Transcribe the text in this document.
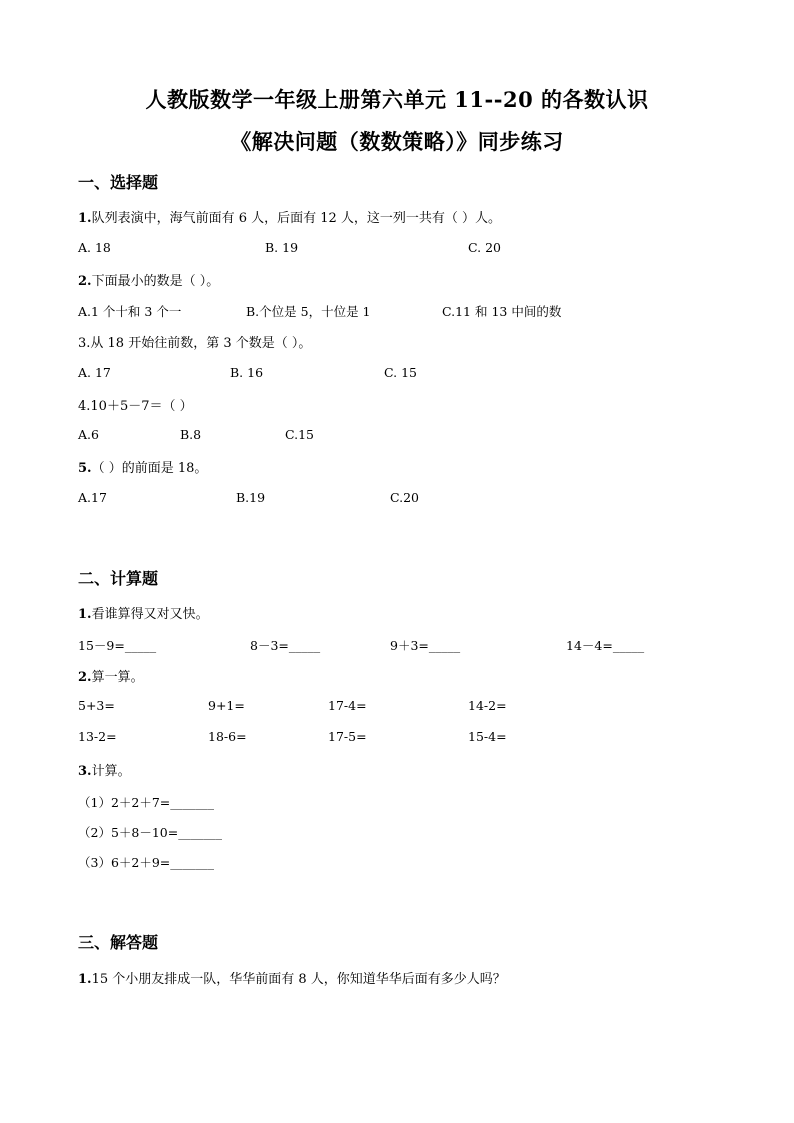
人教版数学一年级上册第六单元 11--20 的各数认识
《解决问题（数数策略）》同步练习
一、选择题
1.队列表演中，海气前面有 6 人，后面有 12 人，这一列一共有（ ）人。
A. 18	B. 19	C. 20
2.下面最小的数是（ ）。
A.1 个十和 3 个一	B.个位是 5，十位是 1	C.11 和 13 中间的数
3.从 18 开始往前数，第 3 个数是（ ）。
A. 17	B. 16	C. 15
4.10＋5－7＝（ ）
A.6	B.8	C.15
5.（ ）的前面是 18。
A.17	B.19	C.20
二、计算题
1.看谁算得又对又快。
15－9=_____	8－3=_____	9＋3=_____	14－4=_____
2.算一算。
5+3=	9+1=	17-4=	14-2=
13-2=	18-6=	17-5=	15-4=
3.计算。
（1）2＋2＋7=_______
（2）5＋8－10=_______
（3）6＋2＋9=_______
三、解答题
1.15 个小朋友排成一队，华华前面有 8 人，你知道华华后面有多少人吗？
